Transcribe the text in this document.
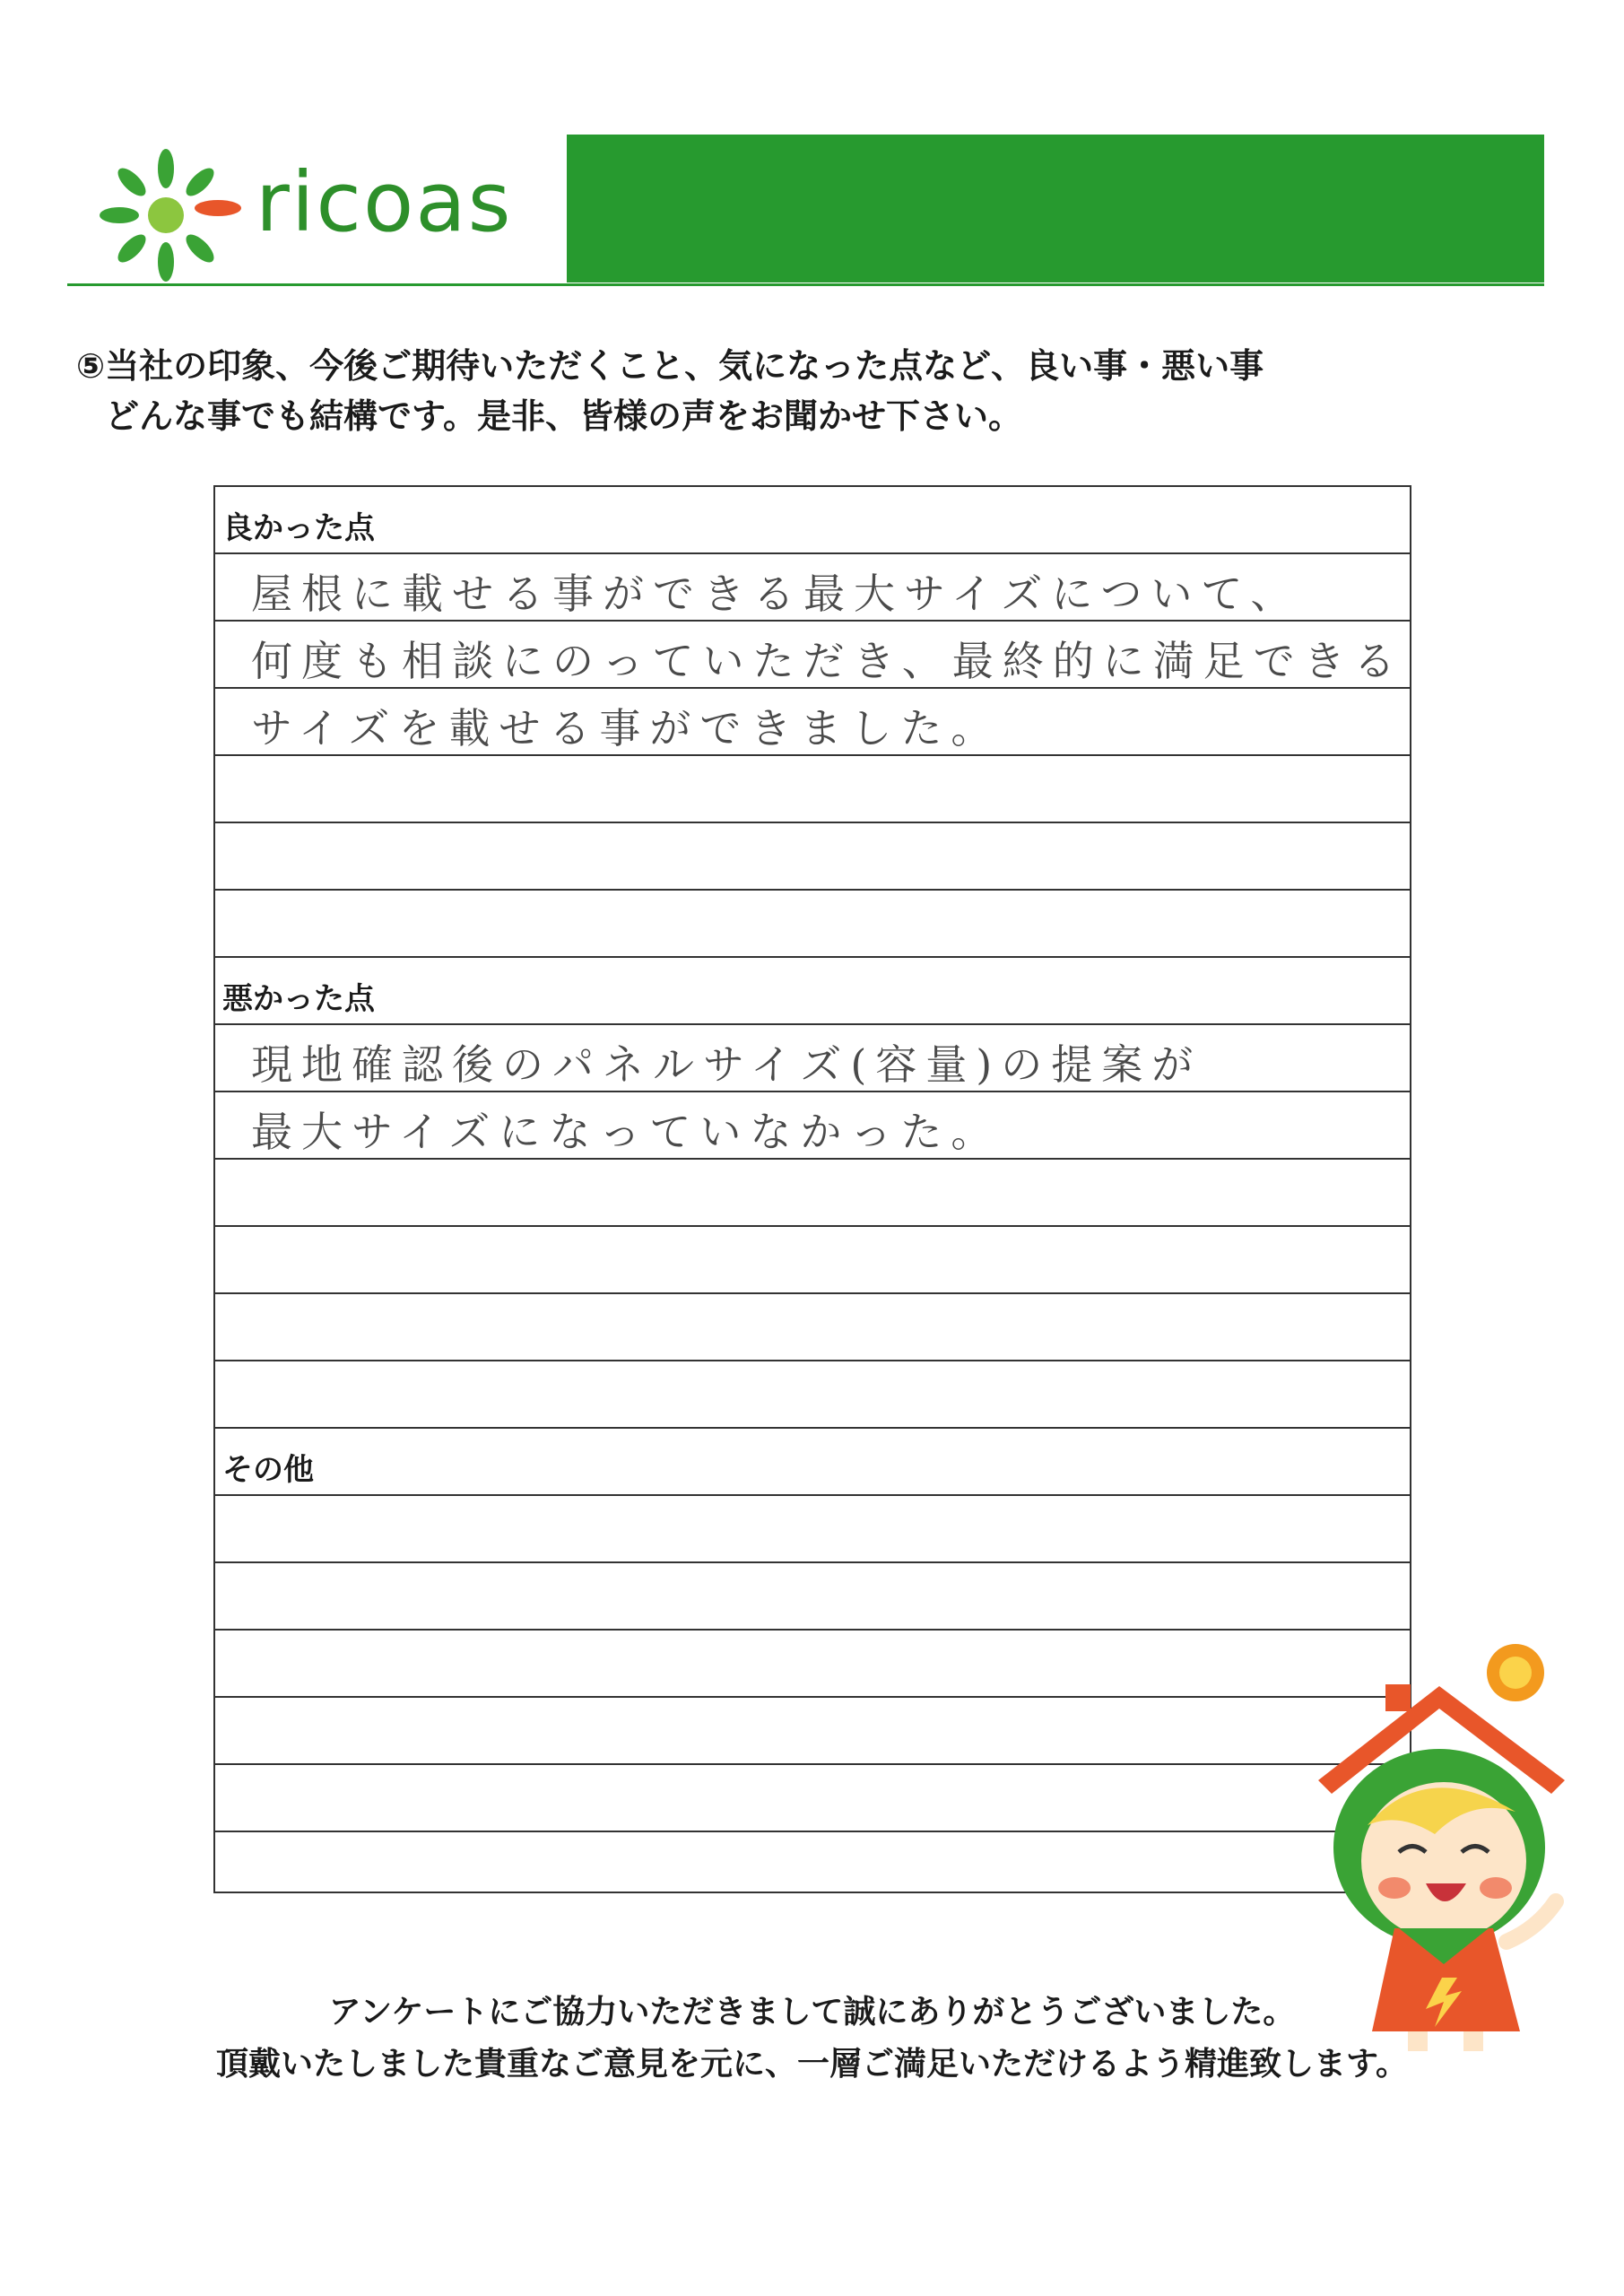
ricoas
⑤当社の印象、今後ご期待いただくこと、気になった点など、良い事・悪い事
どんな事でも結構です。是非、皆様の声をお聞かせ下さい。
良かった点
屋根に載せる事ができる最大サイズについて、
何度も相談にのっていただき、最終的に満足できる
サイズを載せる事ができました。
悪かった点
現地確認後のパネルサイズ(容量)の提案が
最大サイズになっていなかった。
その他
アンケートにご協力いただきまして誠にありがとうございました。
頂戴いたしました貴重なご意見を元に、一層ご満足いただけるよう精進致します。
